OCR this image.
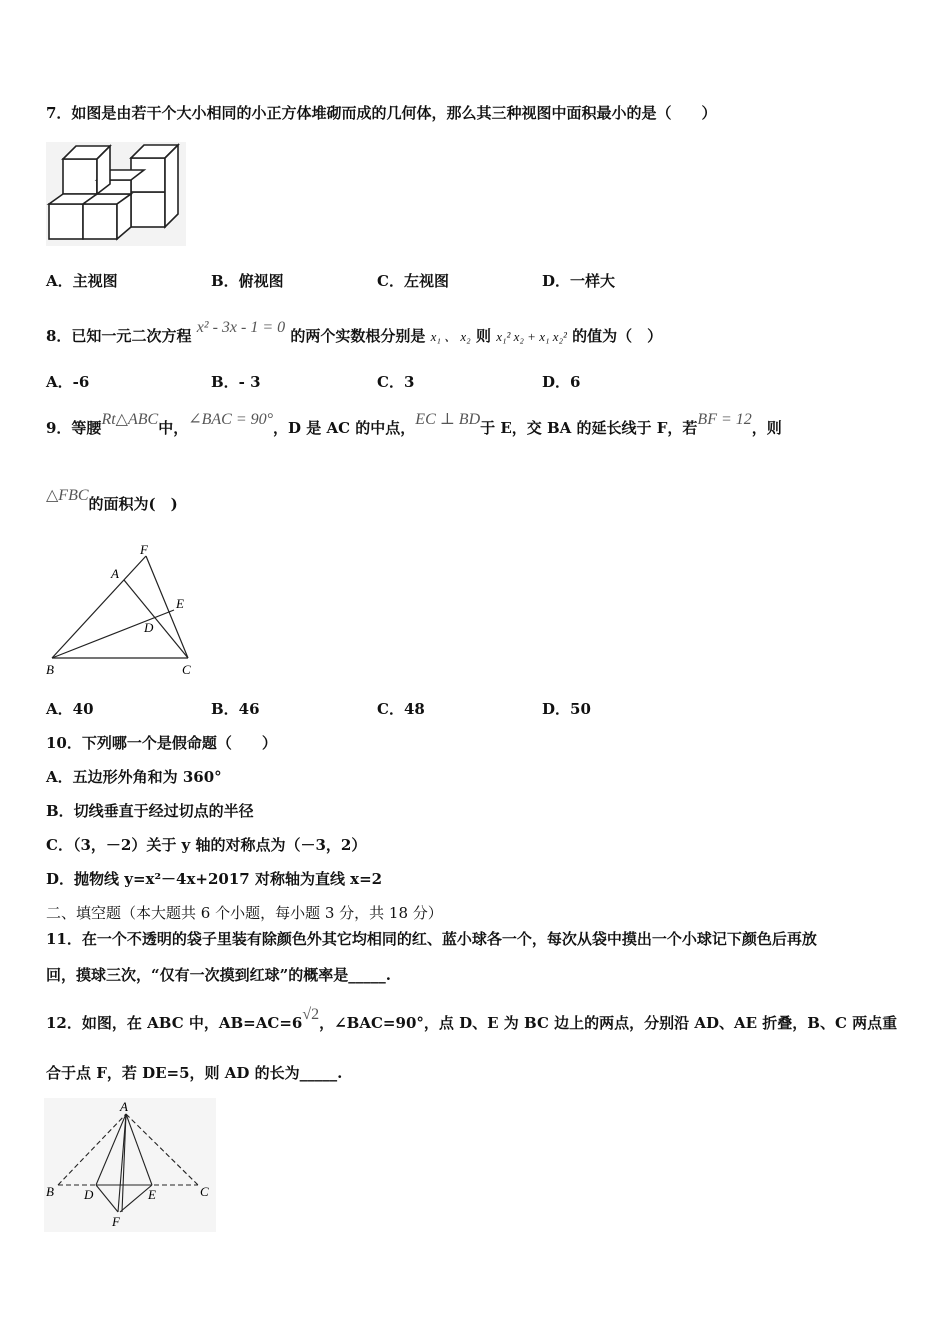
7．如图是由若干个大小相同的小正方体堆砌而成的几何体，那么其三种视图中面积最小的是（　　）
A．主视图	B．俯视图	C．左视图	D．一样大
8．已知一元二次方程 x² - 3x - 1 = 0 的两个实数根分别是 x₁ 、 x₂ 则 x₁² x₂ + x₁ x₂² 的值为（　）
A．-6	B．- 3	C．3	D．6
9．等腰Rt△ABC中，∠BAC = 90°，D 是 AC 的中点，EC ⊥ BD于 E，交 BA 的延长线于 F，若BF = 12，则
△FBC的面积为(　)
F
A
E
D
B	C
A．40	B．46	C．48	D．50
10．下列哪一个是假命题（　　）
A．五边形外角和为 360°
B．切线垂直于经过切点的半径
C．（3，－2）关于 y 轴的对称点为（－3，2）
D．抛物线 y=x²－4x+2017 对称轴为直线 x=2
二、填空题（本大题共 6 个小题，每小题 3 分，共 18 分）
11．在一个不透明的袋子里装有除颜色外其它均相同的红、蓝小球各一个，每次从袋中摸出一个小球记下颜色后再放
回，摸球三次，“仅有一次摸到红球”的概率是_____.
12．如图，在 ABC 中，AB=AC=6√2，∠BAC=90°，点 D、E 为 BC 边上的两点，分别沿 AD、AE 折叠，B、C 两点重
合于点 F，若 DE=5，则 AD 的长为_____.
A
B D	E	C
F
